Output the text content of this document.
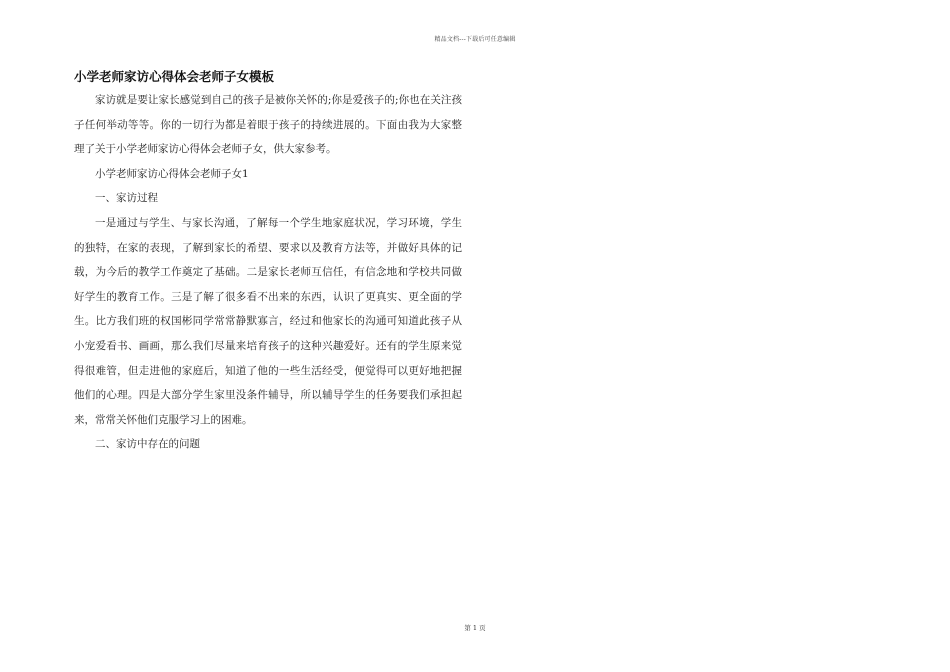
精品文档---下载后可任意编辑
小学老师家访心得体会老师子女模板

家访就是要让家长感觉到自己的孩子是被你关怀的;你是爱孩子的;你也在关注孩子任何举动等等。你的一切行为都是着眼于孩子的持续进展的。下面由我为大家整理了关于小学老师家访心得体会老师子女，供大家参考。

小学老师家访心得体会老师子女1

一、家访过程

一是通过与学生、与家长沟通，了解每一个学生地家庭状况，学习环境，学生的独特，在家的表现，了解到家长的希望、要求以及教育方法等，并做好具体的记载，为今后的教学工作奠定了基础。二是家长老师互信任，有信念地和学校共同做好学生的教育工作。三是了解了很多看不出来的东西，认识了更真实、更全面的学生。比方我们班的权国彬同学常常静默寡言，经过和他家长的沟通可知道此孩子从小宠爱看书、画画，那么我们尽量来培育孩子的这种兴趣爱好。还有的学生原来觉得很难管，但走进他的家庭后，知道了他的一些生活经受，便觉得可以更好地把握他们的心理。四是大部分学生家里没条件辅导，所以辅导学生的任务要我们承担起来，常常关怀他们克服学习上的困难。

二、家访中存在的问题

第 1 页
